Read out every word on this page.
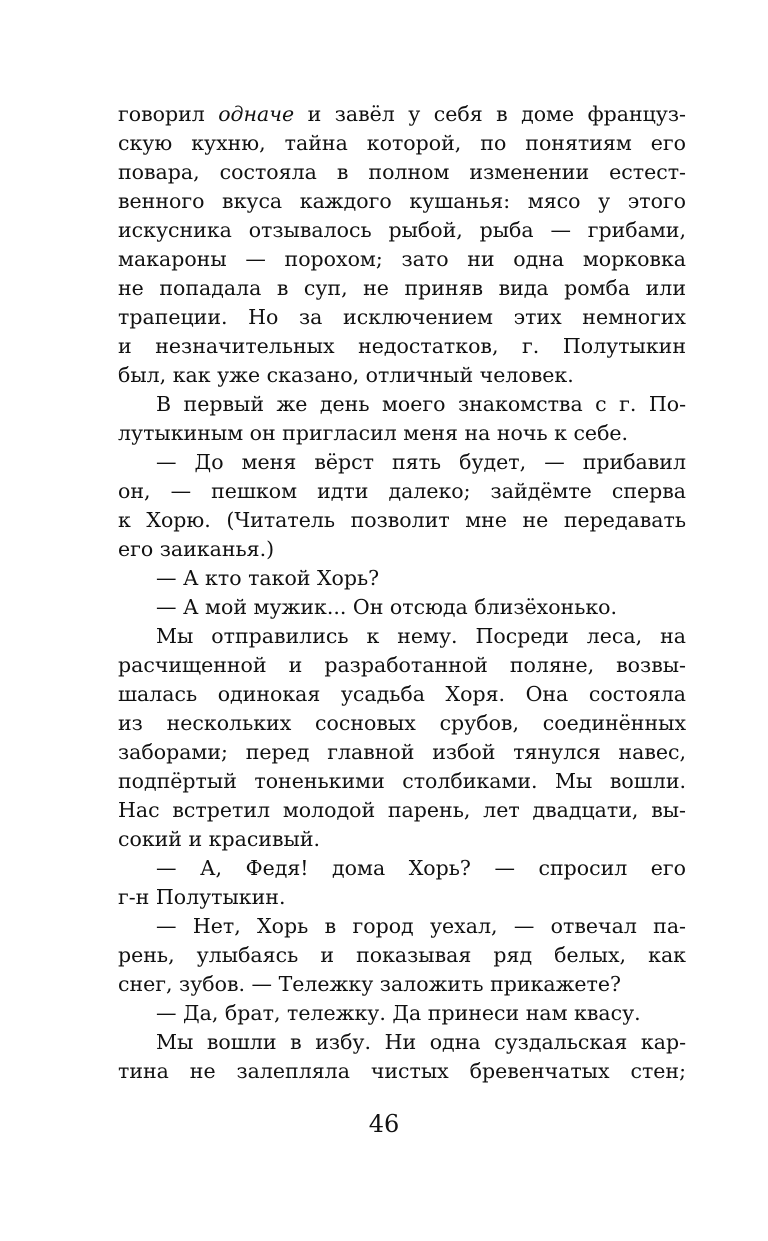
говорил одначе и завёл у себя в доме француз-
скую кухню, тайна которой, по понятиям его
повара, состояла в полном изменении естест-
венного вкуса каждого кушанья: мясо у этого
искусника отзывалось рыбой, рыба — грибами,
макароны — порохом; зато ни одна морковка
не попадала в суп, не приняв вида ромба или
трапеции. Но за исключением этих немногих
и незначительных недостатков, г. Полутыкин
был, как уже сказано, отличный человек.
В первый же день моего знакомства с г. По-
лутыкиным он пригласил меня на ночь к себе.
— До меня вёрст пять будет, — прибавил
он, — пешком идти далеко; зайдёмте сперва
к Хорю. (Читатель позволит мне не передавать
его заиканья.)
— А кто такой Хорь?
— А мой мужик... Он отсюда близёхонько.
Мы отправились к нему. Посреди леса, на
расчищенной и разработанной поляне, возвы-
шалась одинокая усадьба Хоря. Она состояла
из нескольких сосновых срубов, соединённых
заборами; перед главной избой тянулся навес,
подпёртый тоненькими столбиками. Мы вошли.
Нас встретил молодой парень, лет двадцати, вы-
сокий и красивый.
— А, Федя! дома Хорь? — спросил его
г-н Полутыкин.
— Нет, Хорь в город уехал, — отвечал па-
рень, улыбаясь и показывая ряд белых, как
снег, зубов. — Тележку заложить прикажете?
— Да, брат, тележку. Да принеси нам квасу.
Мы вошли в избу. Ни одна суздальская кар-
тина не залепляла чистых бревенчатых стен;
46
